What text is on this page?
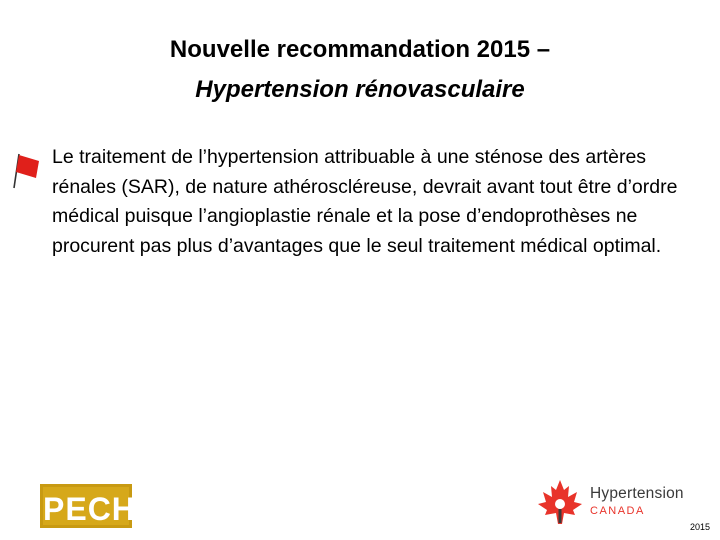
Nouvelle recommandation 2015 –
Hypertension rénovasculaire
Le traitement de l’hypertension attribuable à une sténose des artères rénales (SAR), de nature athéroscléreuse, devrait avant tout être d’ordre médical puisque l’angioplastie rénale et la pose d’endoprothèses ne procurent pas plus d’avantages que le seul traitement médical optimal.
PECH	Hypertension
CANADA
2015
